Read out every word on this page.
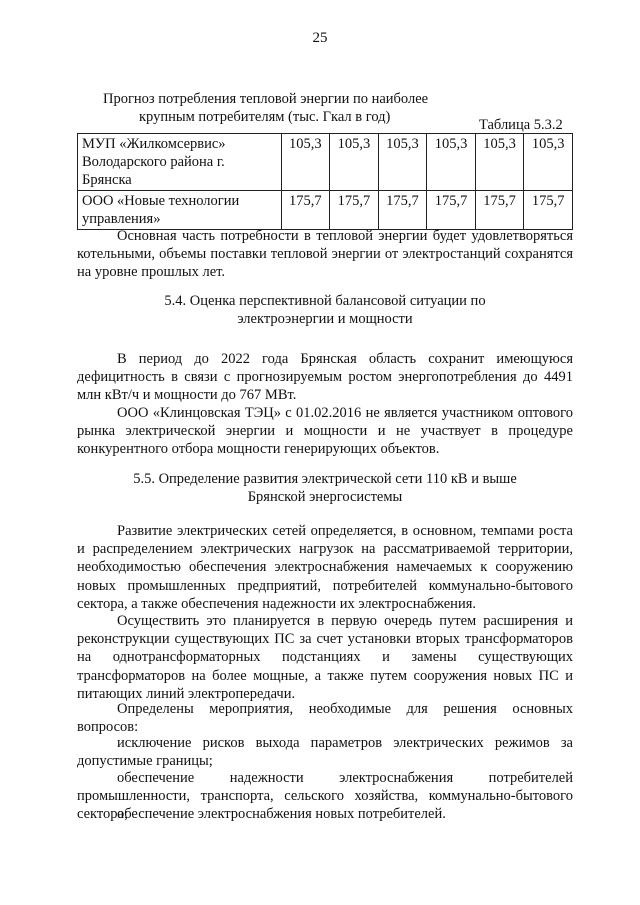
25
Прогноз потребления тепловой энергии по наиболее
крупным потребителям (тыс. Гкал в год)	Таблица 5.3.2
МУП «Жилкомсервис» Володарского района г. Брянска	105,3	105,3	105,3	105,3	105,3	105,3
ООО «Новые технологии управления»	175,7	175,7	175,7	175,7	175,7	175,7
Основная часть потребности в тепловой энергии будет удовлетворяться котельными, объемы поставки тепловой энергии от электростанций сохранятся на уровне прошлых лет.
5.4. Оценка перспективной балансовой ситуации по
электроэнергии и мощности
В период до 2022 года Брянская область сохранит имеющуюся дефицитность в связи с прогнозируемым ростом энергопотребления до 4491 млн кВт/ч и мощности до 767 МВт.
ООО «Клинцовская ТЭЦ» с 01.02.2016 не является участником оптового рынка электрической энергии и мощности и не участвует в процедуре конкурентного отбора мощности генерирующих объектов.
5.5. Определение развития электрической сети 110 кВ и выше
Брянской энергосистемы
Развитие электрических сетей определяется, в основном, темпами роста и распределением электрических нагрузок на рассматриваемой территории, необходимостью обеспечения электроснабжения намечаемых к сооружению новых промышленных предприятий, потребителей коммунально-бытового сектора, а также обеспечения надежности их электроснабжения.
Осуществить это планируется в первую очередь путем расширения и реконструкции существующих ПС за счет установки вторых трансформаторов на однотрансформаторных подстанциях и замены существующих трансформаторов на более мощные, а также путем сооружения новых ПС и питающих линий электропередачи.
Определены мероприятия, необходимые для решения основных вопросов:
исключение рисков выхода параметров электрических режимов за допустимые границы;
обеспечение надежности электроснабжения потребителей промышленности, транспорта, сельского хозяйства, коммунально-бытового сектора;
обеспечение электроснабжения новых потребителей.
